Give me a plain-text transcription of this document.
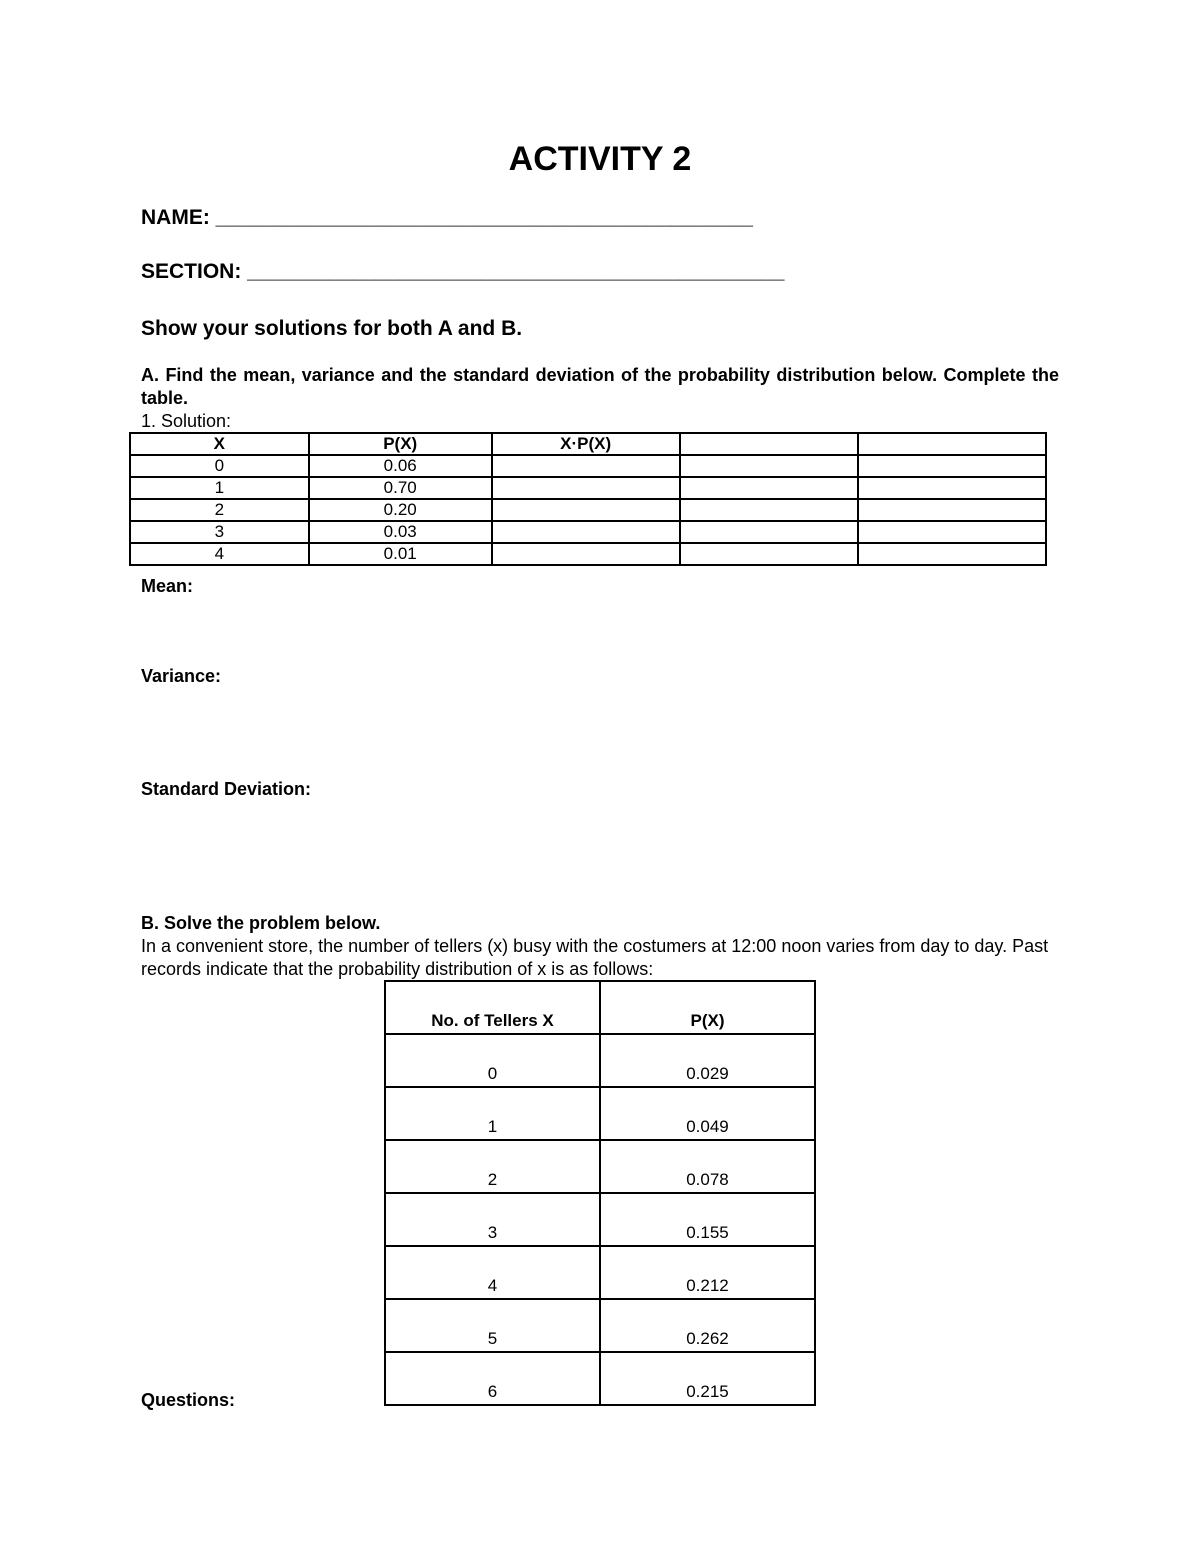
ACTIVITY 2
NAME: ______________________________________________
SECTION: ______________________________________________
Show your solutions for both A and B.
A. Find the mean, variance and the standard deviation of the probability distribution below. Complete the table.
1. Solution:
X	P(X)	X·P(X)		
0	0.06			
1	0.70			
2	0.20			
3	0.03			
4	0.01			
Mean:
Variance:
Standard Deviation:
B. Solve the problem below.
In a convenient store, the number of tellers (x) busy with the costumers at 12:00 noon varies from day to day. Past records indicate that the probability distribution of x is as follows:
No. of Tellers X	P(X)
0	0.029
1	0.049
2	0.078
3	0.155
4	0.212
5	0.262
6	0.215
Questions:
